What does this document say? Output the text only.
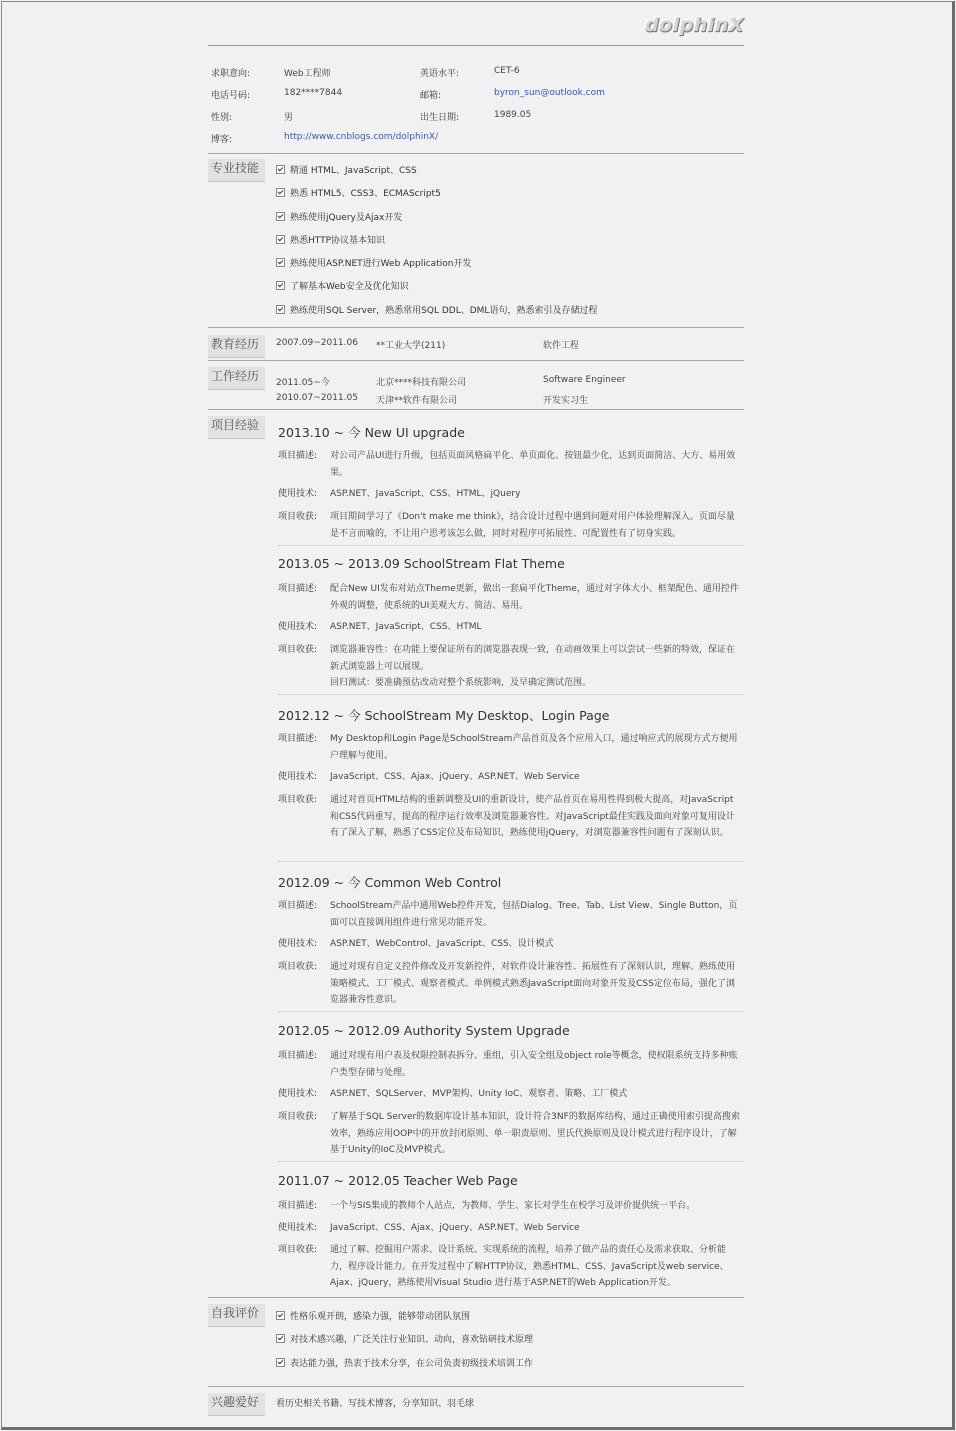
dolphinX
求职意向:	Web工程师	英语水平:	CET-6
电话号码:	182****7844	邮箱:	byron_sun@outlook.com
性别:	男	出生日期:	1989.05
博客:	http://www.cnblogs.com/dolphinX/
专业技能	精通 HTML、JavaScript、CSS
熟悉 HTML5、CSS3、ECMAScript5
熟练使用jQuery及Ajax开发
熟悉HTTP协议基本知识
熟练使用ASP.NET进行Web Application开发
了解基本Web安全及优化知识
熟练使用SQL Server，熟悉常用SQL DDL、DML语句，熟悉索引及存储过程
教育经历	2007.09~2011.06 **工业大学(211)	软件工程
工作经历	2011.05~今	北京****科技有限公司	Software Engineer
2010.07~2011.05 天津**软件有限公司	开发实习生
项目经验	2013.10 ~ 今 New UI upgrade
项目描述: 对公司产品UI进行升级，包括页面风格扁平化、单页面化、按钮最少化，达到页面简洁、大方、易用效果。
使用技术: ASP.NET、JavaScript、CSS、HTML、jQuery
项目收获: 项目期间学习了《Don't make me think》，结合设计过程中遇到问题对用户体验理解深入。页面尽量是不言而喻的，不让用户思考该怎么做，同时对程序可拓展性、可配置性有了切身实践。
2013.05 ~ 2013.09 SchoolStream Flat Theme
项目描述: 配合New UI发布对站点Theme更新，做出一套扁平化Theme，通过对字体大小、框架配色、通用控件外观的调整，使系统的UI美观大方、简洁、易用。
使用技术: ASP.NET、JavaScript、CSS、HTML
项目收获: 浏览器兼容性：在功能上要保证所有的浏览器表现一致，在动画效果上可以尝试一些新的特效，保证在新式浏览器上可以展现。
回归测试：要准确预估改动对整个系统影响，及早确定测试范围。
2012.12 ~ 今 SchoolStream My Desktop、Login Page
项目描述: My Desktop和Login Page是SchoolStream产品首页及各个应用入口，通过响应式的展现方式方便用户理解与使用。
使用技术: JavaScript、CSS、Ajax、jQuery、ASP.NET、Web Service
项目收获: 通过对首页HTML结构的重新调整及UI的重新设计，使产品首页在易用性得到极大提高，对JavaScript和CSS代码重写，提高的程序运行效率及浏览器兼容性。对JavaScript最佳实践及面向对象可复用设计有了深入了解，熟悉了CSS定位及布局知识，熟练使用jQuery，对浏览器兼容性问题有了深刻认识。
2012.09 ~ 今 Common Web Control
项目描述: SchoolStream产品中通用Web控件开发，包括Dialog、Tree、Tab、List View、Single Button，页面可以直接调用组件进行常见功能开发。
使用技术: ASP.NET、WebControl、JavaScript、CSS、设计模式
项目收获: 通过对现有自定义控件修改及开发新控件，对软件设计兼容性、拓展性有了深刻认识，理解、熟练使用策略模式、工厂模式、观察者模式、单例模式熟悉JavaScript面向对象开发及CSS定位布局，强化了浏览器兼容性意识。
2012.05 ~ 2012.09 Authority System Upgrade
项目描述: 通过对现有用户表及权限控制表拆分、重组，引入安全组及object role等概念，使权限系统支持多种账户类型存储与处理。
使用技术: ASP.NET、SQLServer、MVP架构、Unity IoC、观察者、策略、工厂模式
项目收获: 了解基于SQL Server的数据库设计基本知识，设计符合3NF的数据库结构，通过正确使用索引提高搜索效率，熟练应用OOP中的开放封闭原则、单一职责原则、里氏代换原则及设计模式进行程序设计，了解基于Unity的IoC及MVP模式。
2011.07 ~ 2012.05 Teacher Web Page
项目描述: 一个与SIS集成的教师个人站点，为教师、学生、家长对学生在校学习及评价提供统一平台。
使用技术: JavaScript、CSS、Ajax、jQuery、ASP.NET、Web Service
项目收获: 通过了解、挖掘用户需求、设计系统、实现系统的流程，培养了做产品的责任心及需求获取、分析能力，程序设计能力。在开发过程中了解HTTP协议，熟悉HTML、CSS、JavaScript及web service、Ajax、jQuery，熟练使用Visual Studio 进行基于ASP.NET的Web Application开发。
自我评价	性格乐观开朗，感染力强，能够带动团队氛围
对技术感兴趣，广泛关注行业知识、动向，喜欢钻研技术原理
表达能力强，热衷于技术分享，在公司负责初级技术培训工作
兴趣爱好	看历史相关书籍、写技术博客，分享知识、羽毛球
